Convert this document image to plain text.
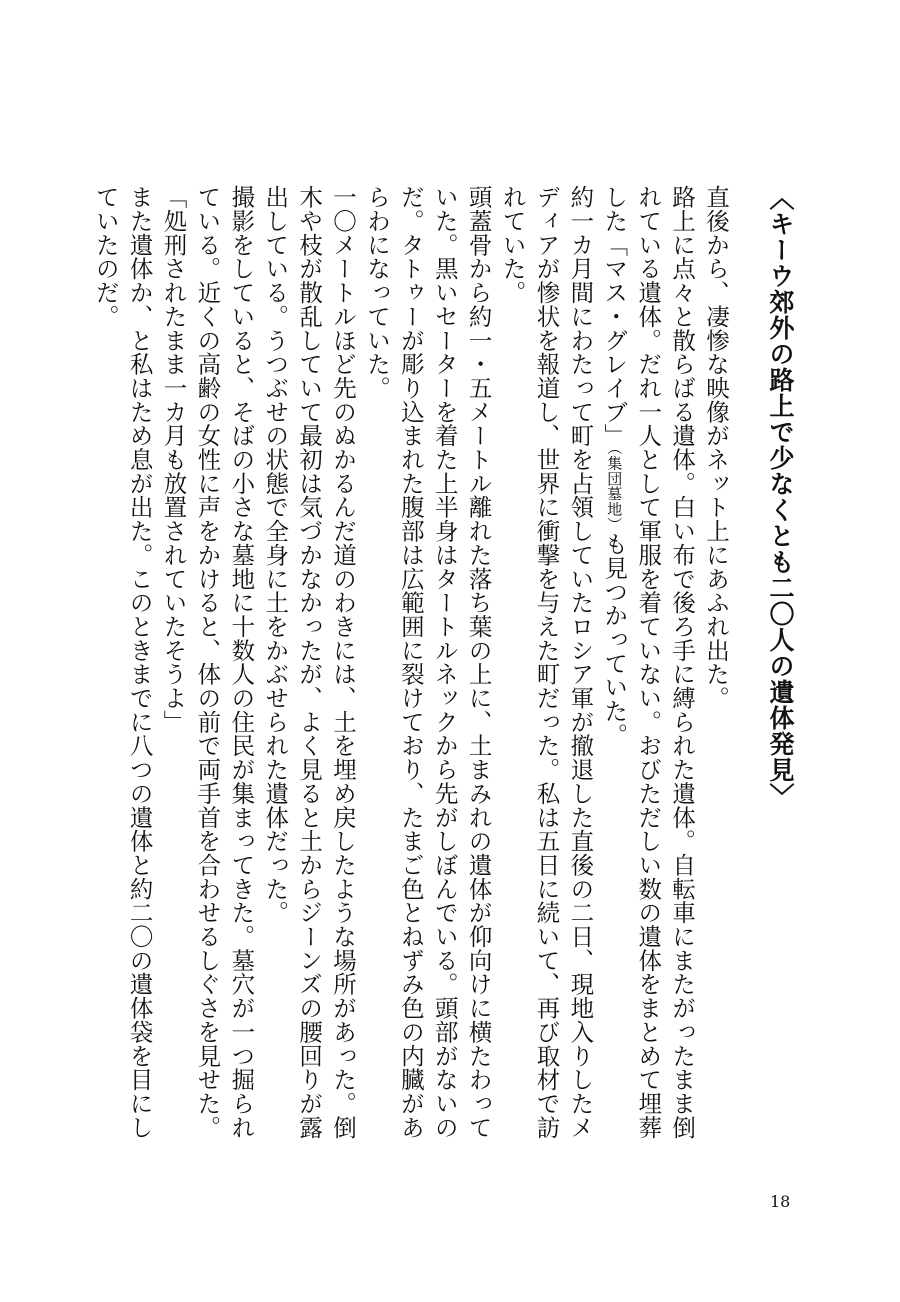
〈キーウ郊外の路上で少なくとも二〇人の遺体発見〉
直後から、凄惨な映像がネット上にあふれ出た。
路上に点々と散らばる遺体。白い布で後ろ手に縛られた遺体。自転車にまたがったまま倒れている遺体。だれ一人として軍服を着ていない。おびただしい数の遺体をまとめて埋葬した「マス・グレイブ」（集団墓地）も見つかっていた。
約一カ月間にわたって町を占領していたロシア軍が撤退した直後の二日、現地入りしたメディアが惨状を報道し、世界に衝撃を与えた町だった。私は五日に続いて、再び取材で訪れていた。
頭蓋骨から約一・五メートル離れた落ち葉の上に、土まみれの遺体が仰向けに横たわっていた。黒いセーターを着た上半身はタートルネックから先がしぼんでいる。頭部がないのだ。タトゥーが彫り込まれた腹部は広範囲に裂けており、たまご色とねずみ色の内臓があらわになっていた。
一〇メートルほど先のぬかるんだ道のわきには、土を埋め戻したような場所があった。倒木や枝が散乱していて最初は気づかなかったが、よく見ると土からジーンズの腰回りが露出している。うつぶせの状態で全身に土をかぶせられた遺体だった。
撮影をしていると、そばの小さな墓地に十数人の住民が集まってきた。墓穴が一つ掘られている。近くの高齢の女性に声をかけると、体の前で両手首を合わせるしぐさを見せた。
「処刑されたまま一カ月も放置されていたそうよ」
また遺体か、と私はため息が出た。このときまでに八つの遺体と約二〇の遺体袋を目にしていたのだ。
18
